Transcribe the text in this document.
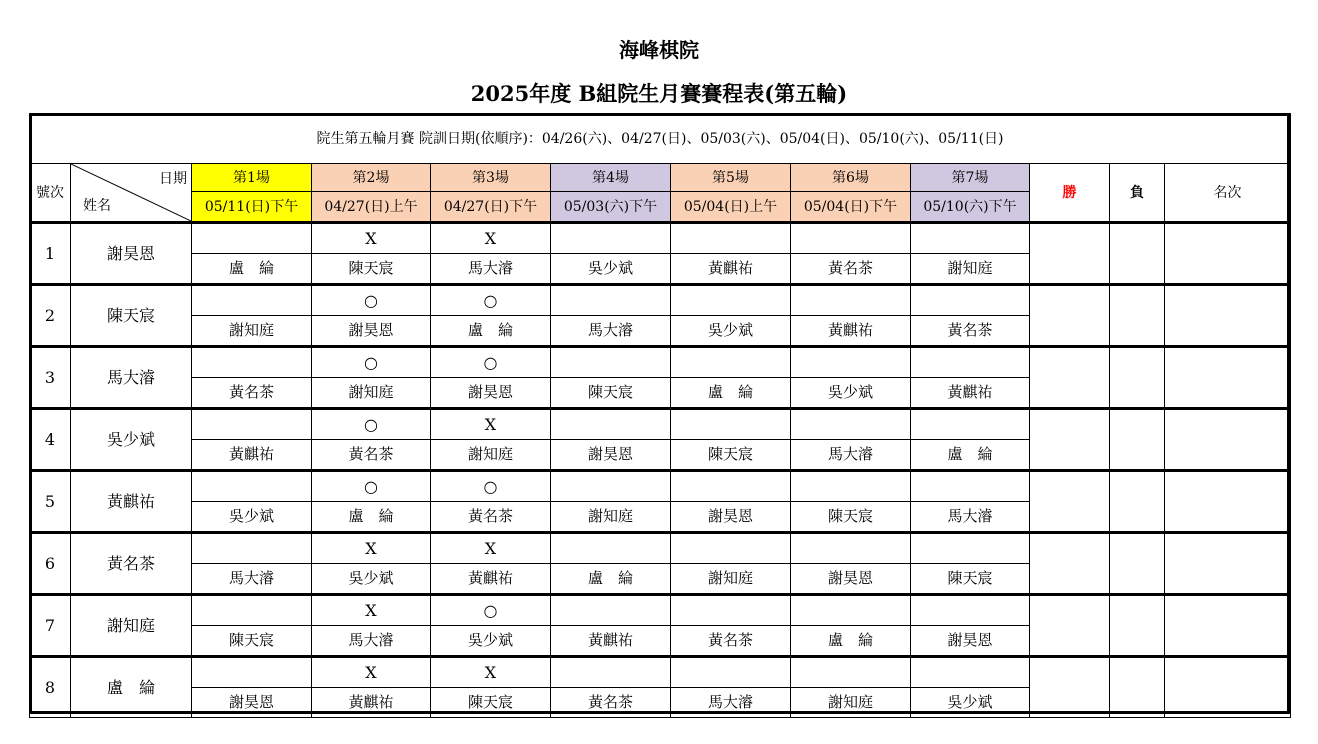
海峰棋院
2025年度 B組院生月賽賽程表(第五輪)
院生第五輪月賽 院訓日期(依順序)：04/26(六)、04/27(日)、05/03(六)、05/04(日)、05/10(六)、05/11(日)											
號次	日期
姓名	第1場	第2場	第3場	第4場	第5場	第6場	第7場	勝	負	名次
		05/11(日)下午	04/27(日)上午	04/27(日)下午	05/03(六)下午	05/04(日)上午	05/04(日)下午	05/10(六)下午			
1	謝昊恩		X	X							
		盧　綸	陳天宸	馬大濬	吳少斌	黃麒祐	黃名茶	謝知庭			
2	陳天宸		○	○							
		謝知庭	謝昊恩	盧　綸	馬大濬	吳少斌	黃麒祐	黃名茶			
3	馬大濬		○	○							
		黃名茶	謝知庭	謝昊恩	陳天宸	盧　綸	吳少斌	黃麒祐			
4	吳少斌		○	X							
		黃麒祐	黃名茶	謝知庭	謝昊恩	陳天宸	馬大濬	盧　綸			
5	黃麒祐		○	○							
		吳少斌	盧　綸	黃名茶	謝知庭	謝昊恩	陳天宸	馬大濬			
6	黃名茶		X	X							
		馬大濬	吳少斌	黃麒祐	盧　綸	謝知庭	謝昊恩	陳天宸			
7	謝知庭		X	○							
		陳天宸	馬大濬	吳少斌	黃麒祐	黃名茶	盧　綸	謝昊恩			
8	盧　綸		X	X							
		謝昊恩	黃麒祐	陳天宸	黃名茶	馬大濬	謝知庭	吳少斌			
